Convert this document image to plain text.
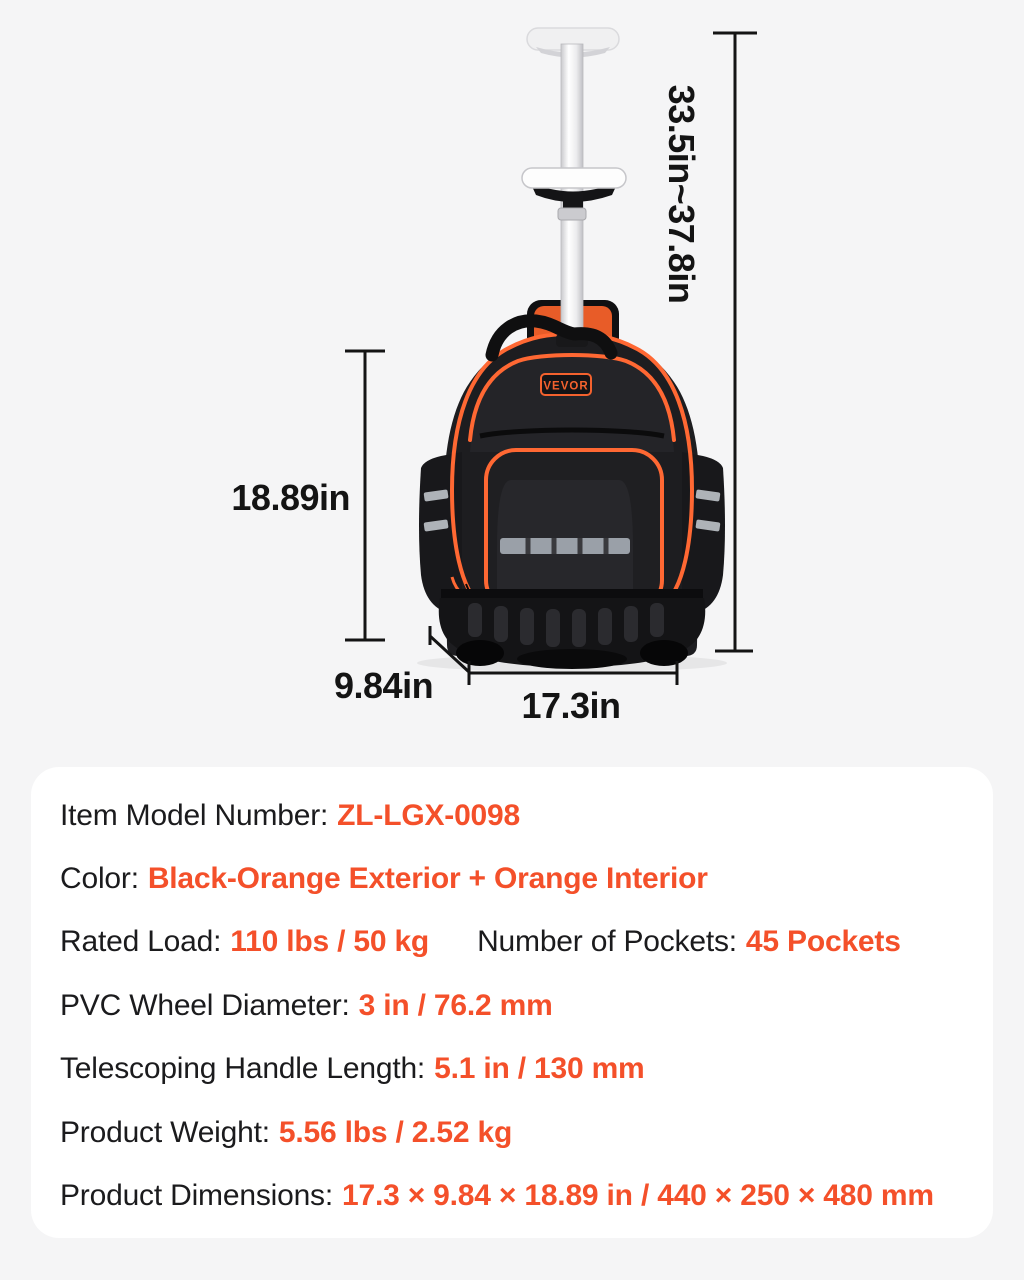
VEVOR
33.5in~37.8in
18.89in
9.84in 17.3in
Item Model Number: ZL-LGX-0098
Color: Black-Orange Exterior + Orange Interior
Rated Load: 110 lbs / 50 kg Number of Pockets: 45 Pockets
PVC Wheel Diameter: 3 in / 76.2 mm
Telescoping Handle Length: 5.1 in / 130 mm
Product Weight: 5.56 lbs / 2.52 kg
Product Dimensions: 17.3 × 9.84 × 18.89 in / 440 × 250 × 480 mm
